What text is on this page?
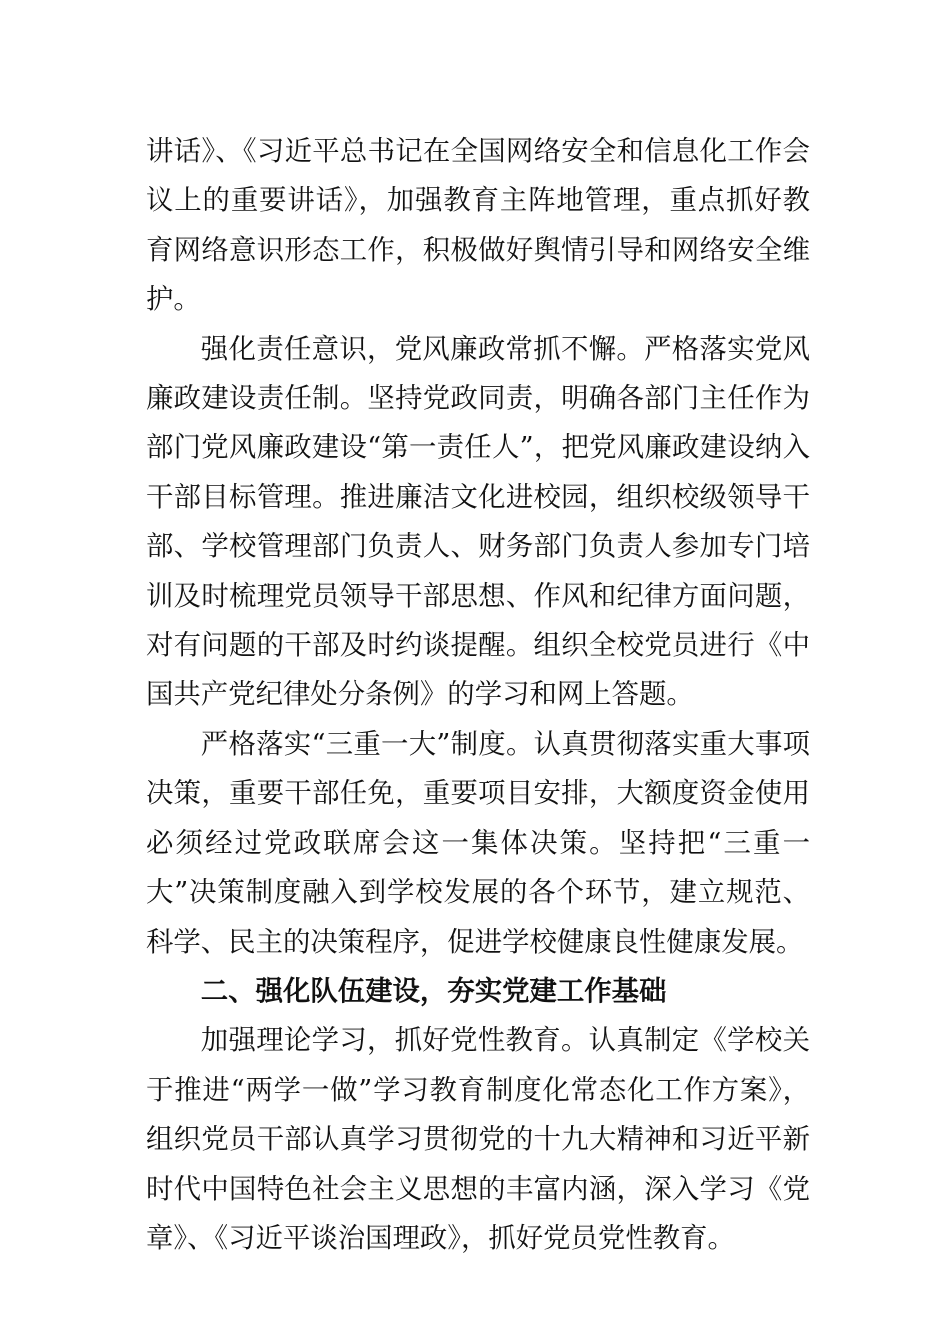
讲话》、《习近平总书记在全国网络安全和信息化工作会议上的重要讲话》，加强教育主阵地管理，重点抓好教育网络意识形态工作，积极做好舆情引导和网络安全维护。

强化责任意识，党风廉政常抓不懈。严格落实党风廉政建设责任制。坚持党政同责，明确各部门主任作为部门党风廉政建设“第一责任人”，把党风廉政建设纳入干部目标管理。推进廉洁文化进校园，组织校级领导干部、学校管理部门负责人、财务部门负责人参加专门培训及时梳理党员领导干部思想、作风和纪律方面问题，对有问题的干部及时约谈提醒。组织全校党员进行《中国共产党纪律处分条例》的学习和网上答题。

严格落实“三重一大”制度。认真贯彻落实重大事项决策，重要干部任免，重要项目安排，大额度资金使用必须经过党政联席会这一集体决策。坚持把“三重一大”决策制度融入到学校发展的各个环节，建立规范、科学、民主的决策程序，促进学校健康良性健康发展。

二、强化队伍建设，夯实党建工作基础

加强理论学习，抓好党性教育。认真制定《学校关于推进“两学一做”学习教育制度化常态化工作方案》，组织党员干部认真学习贯彻党的十九大精神和习近平新时代中国特色社会主义思想的丰富内涵，深入学习《党章》、《习近平谈治国理政》，抓好党员党性教育。
